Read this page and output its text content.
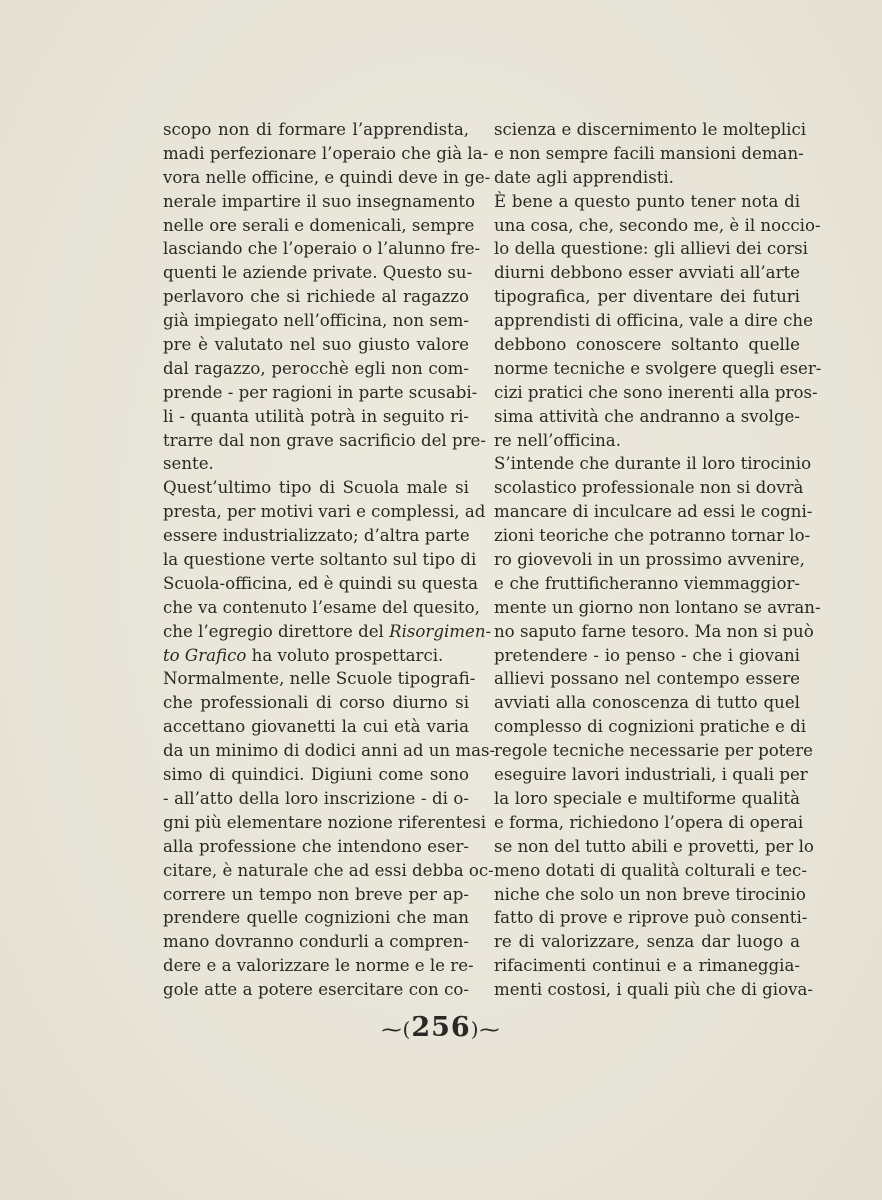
scopo non di formare l’apprendista,
madi perfezionare l’operaio che già la-
vora nelle officine, e quindi deve in ge-
nerale impartire il suo insegnamento
nelle ore serali e domenicali, sempre
lasciando che l’operaio o l’alunno fre-
quenti le aziende private. Questo su-
perlavoro che si richiede al ragazzo
già impiegato nell’officina, non sem-
pre è valutato nel suo giusto valore
dal ragazzo, perocchè egli non com-
prende - per ragioni in parte scusabi-
li - quanta utilità potrà in seguito ri-
trarre dal non grave sacrificio del pre-
sente.
Quest’ultimo tipo di Scuola male si
presta, per motivi vari e complessi, ad
essere industrializzato; d’altra parte
la questione verte soltanto sul tipo di
Scuola-officina, ed è quindi su questa
che va contenuto l’esame del quesito,
che l’egregio direttore del Risorgimen-
to Grafico ha voluto prospettarci.
Normalmente, nelle Scuole tipografi-
che professionali di corso diurno si
accettano giovanetti la cui età varia
da un minimo di dodici anni ad un mas-
simo di quindici. Digiuni come sono
- all’atto della loro inscrizione - di o-
gni più elementare nozione riferentesi
alla professione che intendono eser-
citare, è naturale che ad essi debba oc-
correre un tempo non breve per ap-
prendere quelle cognizioni che man
mano dovranno condurli a compren-
dere e a valorizzare le norme e le re-
gole atte a potere esercitare con co-
scienza e discernimento le molteplici
e non sempre facili mansioni deman-
date agli apprendisti.
È bene a questo punto tener nota di
una cosa, che, secondo me, è il noccio-
lo della questione: gli allievi dei corsi
diurni debbono esser avviati all’arte
tipografica, per diventare dei futuri
apprendisti di officina, vale a dire che
debbono conoscere soltanto quelle
norme tecniche e svolgere quegli eser-
cizi pratici che sono inerenti alla pros-
sima attività che andranno a svolge-
re nell’officina.
S’intende che durante il loro tirocinio
scolastico professionale non si dovrà
mancare di inculcare ad essi le cogni-
zioni teoriche che potranno tornar lo-
ro giovevoli in un prossimo avvenire,
e che fruttificheranno viemmaggior-
mente un giorno non lontano se avran-
no saputo farne tesoro. Ma non si può
pretendere - io penso - che i giovani
allievi possano nel contempo essere
avviati alla conoscenza di tutto quel
complesso di cognizioni pratiche e di
regole tecniche necessarie per potere
eseguire lavori industriali, i quali per
la loro speciale e multiforme qualità
e forma, richiedono l’opera di operai
se non del tutto abili e provetti, per lo
meno dotati di qualità colturali e tec-
niche che solo un non breve tirocinio
fatto di prove e riprove può consenti-
re di valorizzare, senza dar luogo a
rifacimenti continui e a rimaneggia-
menti costosi, i quali più che di giova-
⁓(256)⁓
